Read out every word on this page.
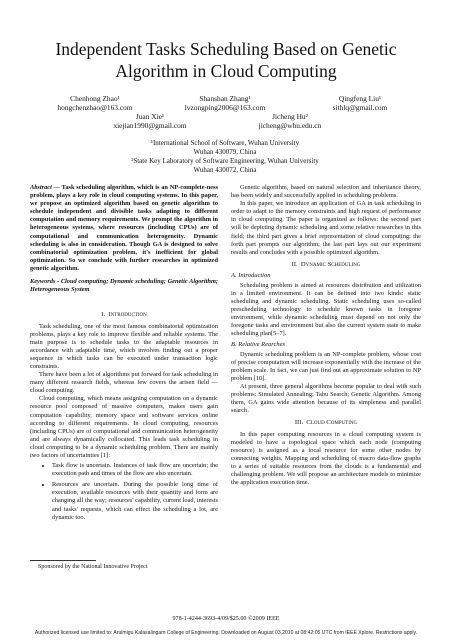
Independent Tasks Scheduling Based on Genetic Algorithm in Cloud Computing
Chenhong Zhao¹
hongchenzhao@163.com
Shanshan Zhang¹
lvzongping2006@163.com
Qingfeng Liu¹
sithlq@gmail.com
Juan Xie¹
xiejian1990@gmail.com
Jicheng Hu²
jicheng@whu.edu.cn
¹International School of Software, Wuhan University
Wuhan 430079, China
²State Key Laboratory of Software Engineering, Wuhan University
Wuhan 430072, China
Abstract — Task scheduling algorithm, which is an NP-complete-ness problem, plays a key role in cloud computing systems. In this paper, we propose an optimized algorithm based on genetic algorithm to schedule independent and divisible tasks adapting to different computation and memory requirements. We prompt the algorithm in heterogeneous systems, where resources (including CPUs) are of computational and communication heterogeneity. Dynamic scheduling is also in consideration. Though GA is designed to solve combinatorial optimization problem, it's inefficient for global optimization. So we conclude with further researches in optimized genetic algorithm.
Keywords - Cloud computing; Dynamic scheduling; Genetic Algorithm; Heterogeneous System
I. Introduction

Task scheduling, one of the most famous combinatorial optimization problems, plays a key role to improve flexible and reliable systems. The main purpose is to schedule tasks to the adaptable resources in accordance with adaptable time, which involves finding out a proper sequence in which tasks can be executed under transaction logic constraints.

There have been a lot of algorithms put forward for task scheduling in many different research fields, whereas few covers the arisen field — cloud computing.

Cloud computing, which means assigning computation on a dynamic resource pool composed of massive computers, makes users gain computation capability, memory space and software services online according to different requirements. In cloud computing, resources (including CPUs) are of computational and communication heterogeneity and are always dynamically collocated. This leads task scheduling in cloud computing to be a dynamic scheduling problem. There are mainly two factors of uncertainties [1]:

• Task flow is uncertain. Instances of task flow are uncertain; the execution path and times of the flow are also uncertain.
• Resources are uncertain. During the possible long time of execution, available resources with their quantity and form are changing all the way; resources' capability, current load, interests and tasks' requests, which can effect the scheduling a lot, are dynamic too.

Genetic algorithm, based on natural selection and inheritance theory, has been widely and successfully applied in scheduling problems.

In this paper, we introduce an application of GA in task scheduling in order to adapt to the memory constraints and high request of performance in cloud computing. The paper is organized as follows: the second part will be depicting dynamic scheduling and some relative researches in this field; the third part gives a brief representation of cloud computing; the forth part prompts our algorithm; the last part lays out our experiment results and concludes with a possible optimized algorithm.

II. Dynamic Scheduling
A. Introduction

Scheduling problem is aimed at resources distribution and utilization in a limited environment. It can be defined into two kinds: static scheduling and dynamic scheduling. Static scheduling uses so-called prescheduling technology to schedule known tasks in foregone environment, while dynamic scheduling must depend on not only the foregone tasks and environment but also the current system state to make scheduling plan[5–7].

B. Relative Rearches

Dynamic scheduling problem is an NP-complete problem, whose cost of precise computation will increase exponentially with the increase of the problem scale. In fact, we can just find out an approximate solution to NP problem [10].

At present, three general algorithms become popular to deal with such problems: Simulated Annealing; Tabu Search; Genetic Algorithm. Among them, GA gains wide attention because of its simpleness and parallel search.

III. Cloud Computing

In this paper computing resources in a cloud computing system is modeled to have a topological space which each node (computing resource) is assigned as a local resource for some other nodes by connecting weights. Mapping and scheduling of macro data-flow graphs to a series of suitable resources from the clouds is a fundamental and challenging problem. We will propose an architecture models to minimize the application execution time.

Sponsored by the National Innovative Project
978-1-4244-3693-4/09/$25.00 ©2009 IEEE
Authorized licensed use limited to: Arulmigu Kalasalingam College of Engineering. Downloaded on August 03,2010 at 08:42:05 UTC from IEEE Xplore. Restrictions apply.
